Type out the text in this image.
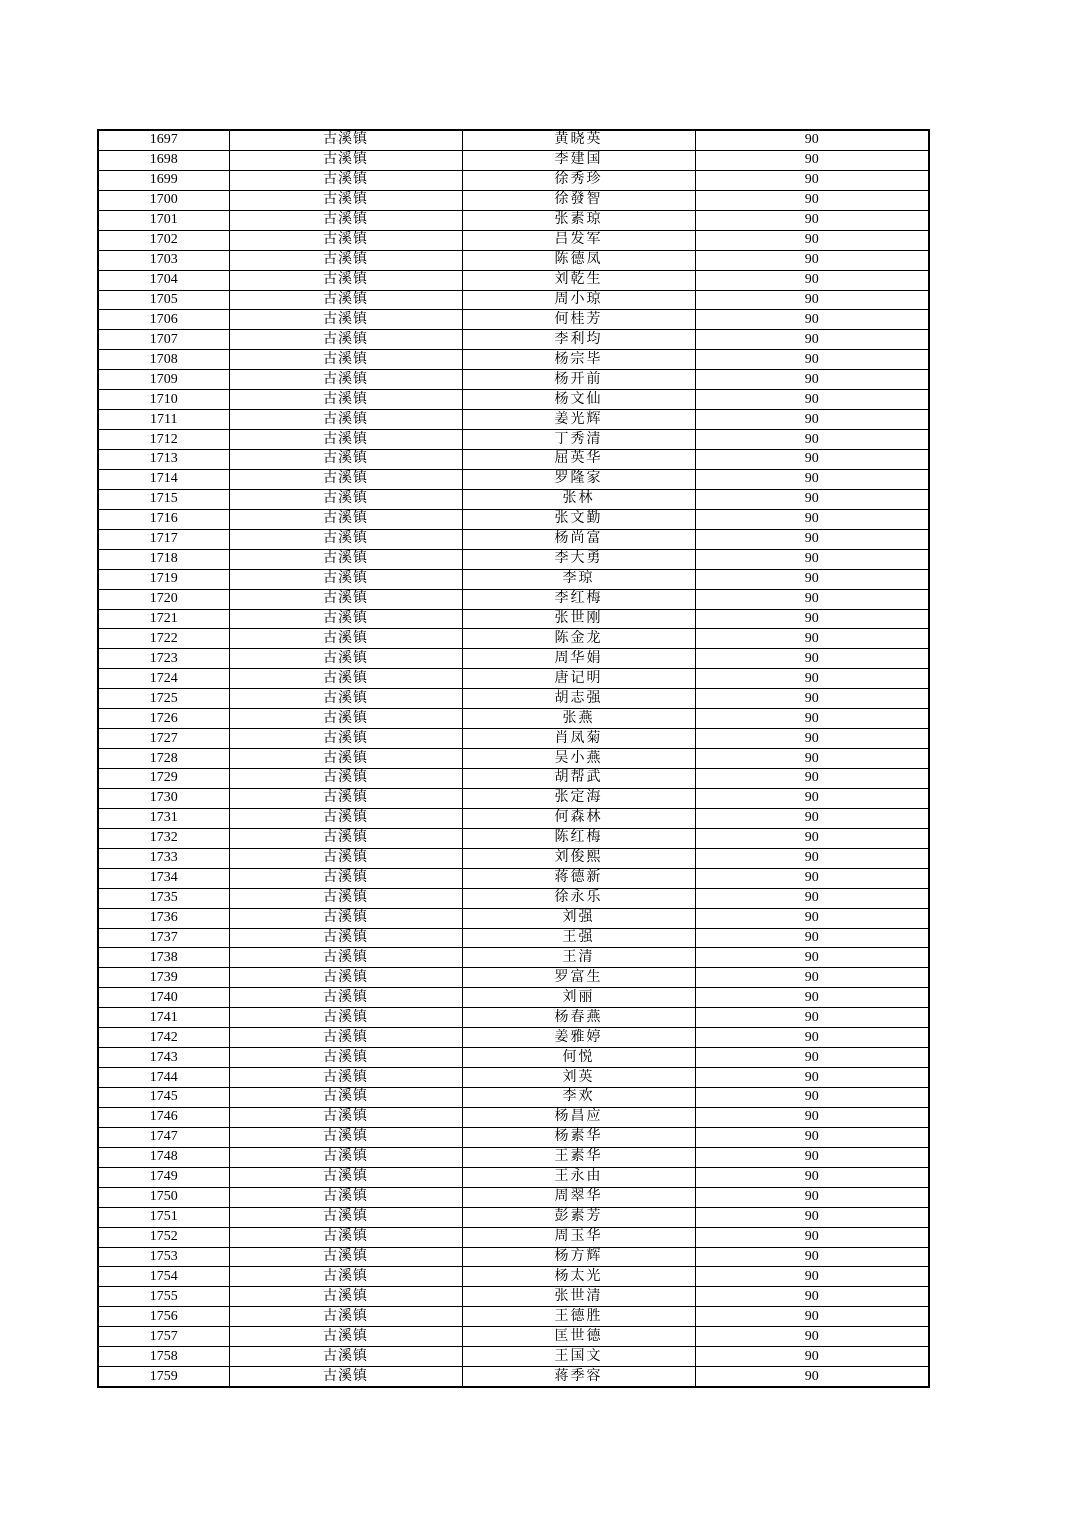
1697	古溪镇	黄晓英	90
1698	古溪镇	李建国	90
1699	古溪镇	徐秀珍	90
1700	古溪镇	徐發智	90
1701	古溪镇	张素琼	90
1702	古溪镇	吕发军	90
1703	古溪镇	陈德凤	90
1704	古溪镇	刘乾生	90
1705	古溪镇	周小琼	90
1706	古溪镇	何桂芳	90
1707	古溪镇	李利均	90
1708	古溪镇	杨宗毕	90
1709	古溪镇	杨开前	90
1710	古溪镇	杨文仙	90
1711	古溪镇	姜光辉	90
1712	古溪镇	丁秀清	90
1713	古溪镇	屈英华	90
1714	古溪镇	罗隆家	90
1715	古溪镇	张林	90
1716	古溪镇	张文勤	90
1717	古溪镇	杨尚富	90
1718	古溪镇	李大勇	90
1719	古溪镇	李琼	90
1720	古溪镇	李红梅	90
1721	古溪镇	张世刚	90
1722	古溪镇	陈金龙	90
1723	古溪镇	周华娟	90
1724	古溪镇	唐记明	90
1725	古溪镇	胡志强	90
1726	古溪镇	张燕	90
1727	古溪镇	肖凤菊	90
1728	古溪镇	吴小燕	90
1729	古溪镇	胡帮武	90
1730	古溪镇	张定海	90
1731	古溪镇	何森林	90
1732	古溪镇	陈红梅	90
1733	古溪镇	刘俊熙	90
1734	古溪镇	蒋德新	90
1735	古溪镇	徐永乐	90
1736	古溪镇	刘强	90
1737	古溪镇	王强	90
1738	古溪镇	王清	90
1739	古溪镇	罗富生	90
1740	古溪镇	刘丽	90
1741	古溪镇	杨春燕	90
1742	古溪镇	姜雅婷	90
1743	古溪镇	何悦	90
1744	古溪镇	刘英	90
1745	古溪镇	李欢	90
1746	古溪镇	杨昌应	90
1747	古溪镇	杨素华	90
1748	古溪镇	王素华	90
1749	古溪镇	王永由	90
1750	古溪镇	周翠华	90
1751	古溪镇	彭素芳	90
1752	古溪镇	周玉华	90
1753	古溪镇	杨方辉	90
1754	古溪镇	杨太光	90
1755	古溪镇	张世清	90
1756	古溪镇	王德胜	90
1757	古溪镇	匡世德	90
1758	古溪镇	王国文	90
1759	古溪镇	蒋季容	90
